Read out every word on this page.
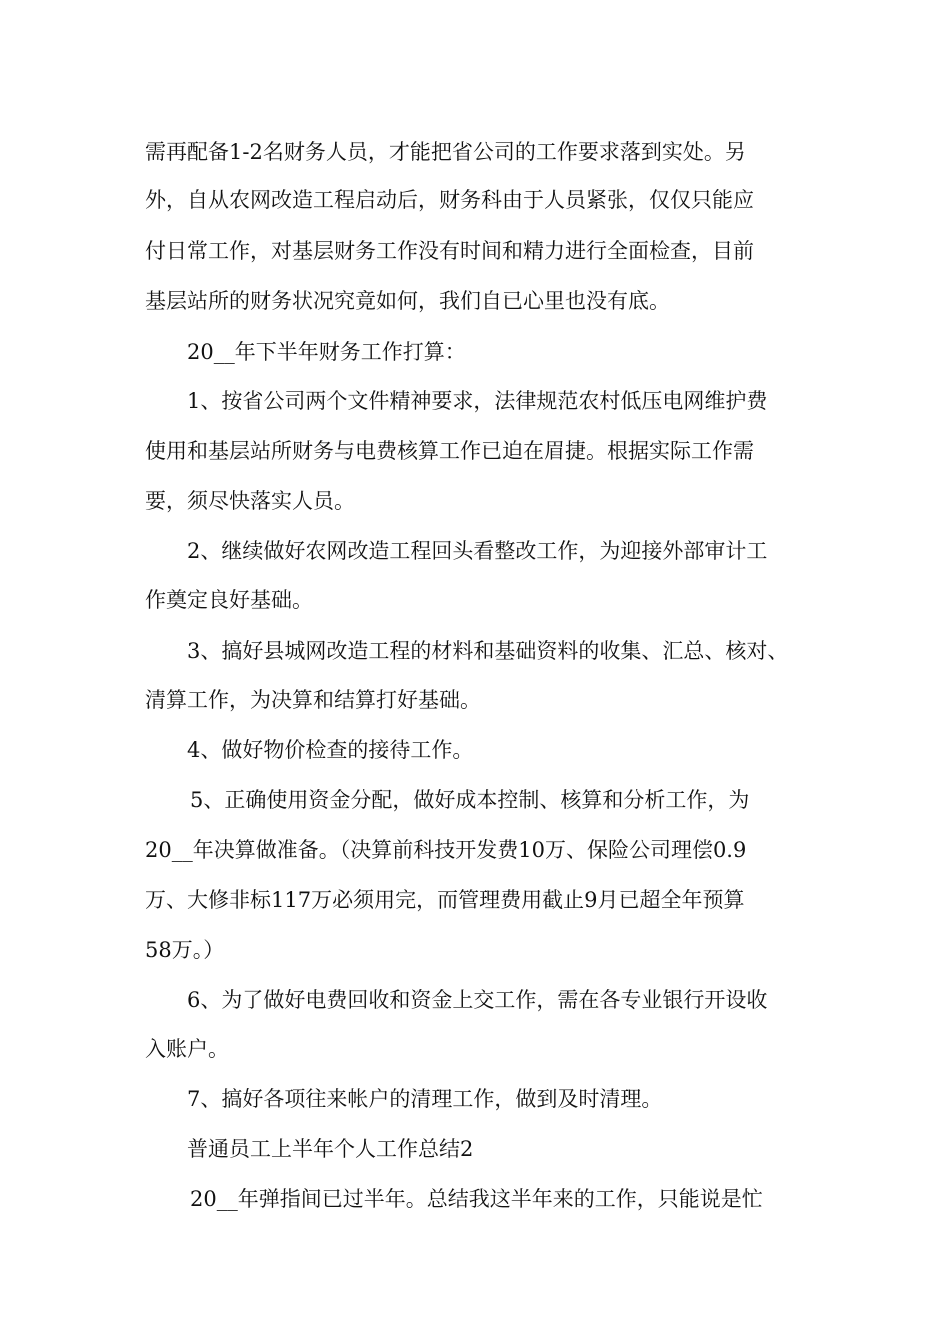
需再配备1-2名财务人员，才能把省公司的工作要求落到实处。另
外，自从农网改造工程启动后，财务科由于人员紧张，仅仅只能应
付日常工作，对基层财务工作没有时间和精力进行全面检查，目前
基层站所的财务状况究竟如何，我们自已心里也没有底。
20__年下半年财务工作打算：
1、按省公司两个文件精神要求，法律规范农村低压电网维护费
使用和基层站所财务与电费核算工作已迫在眉捷。根据实际工作需
要，须尽快落实人员。
2、继续做好农网改造工程回头看整改工作，为迎接外部审计工
作奠定良好基础。
3、搞好县城网改造工程的材料和基础资料的收集、汇总、核对、
清算工作，为决算和结算打好基础。
4、做好物价检查的接待工作。
5、正确使用资金分配，做好成本控制、核算和分析工作，为
20__年决算做准备。（决算前科技开发费10万、保险公司理偿0.9
万、大修非标117万必须用完，而管理费用截止9月已超全年预算
58万。）
6、为了做好电费回收和资金上交工作，需在各专业银行开设收
入账户。
7、搞好各项往来帐户的清理工作，做到及时清理。
普通员工上半年个人工作总结2
20__年弹指间已过半年。总结我这半年来的工作，只能说是忙
